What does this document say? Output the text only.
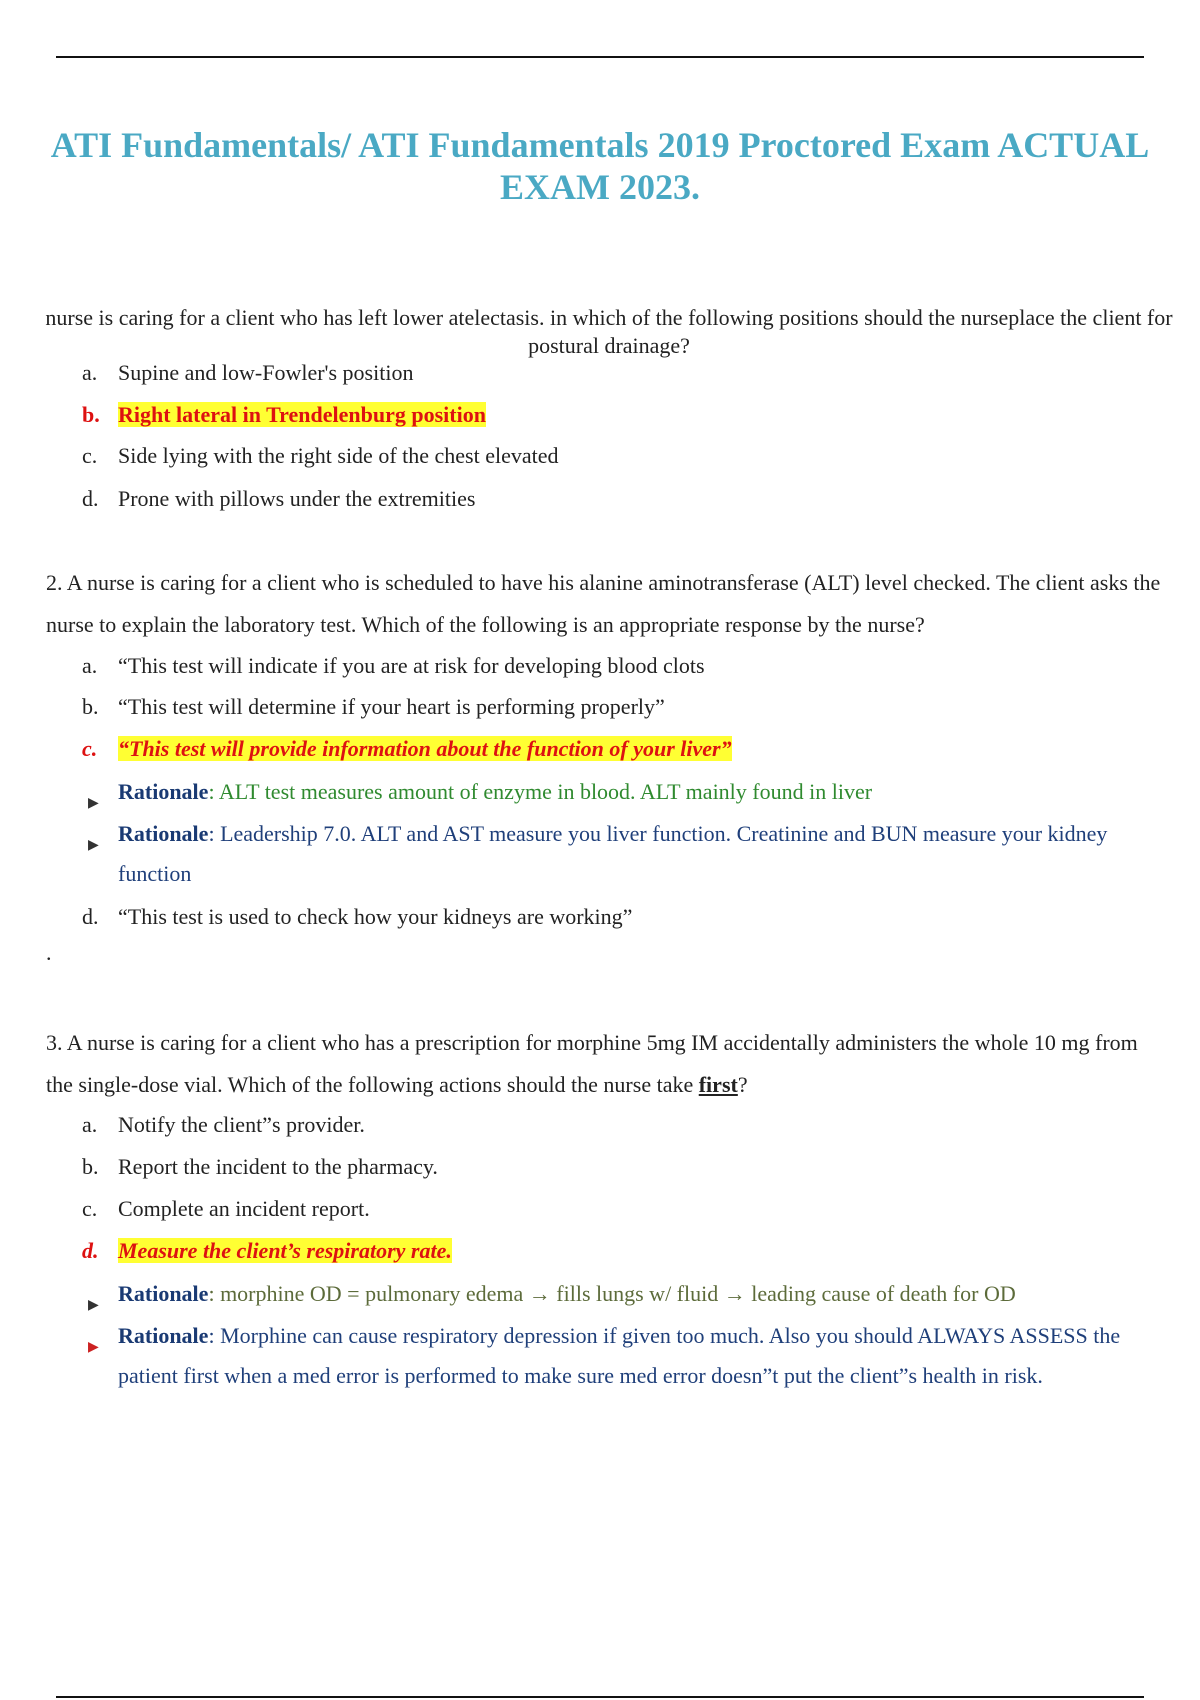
ATI Fundamentals/ ATI Fundamentals 2019 Proctored Exam ACTUAL EXAM 2023.
nurse is caring for a client who has left lower atelectasis. in which of the following positions should the nurseplace the client for postural drainage?
a. Supine and low-Fowler's position
b. Right lateral in Trendelenburg position
c. Side lying with the right side of the chest elevated
d. Prone with pillows under the extremities
2. A nurse is caring for a client who is scheduled to have his alanine aminotransferase (ALT) level checked. The client asks the nurse to explain the laboratory test. Which of the following is an appropriate response by the nurse?
a. “This test will indicate if you are at risk for developing blood clots
b. “This test will determine if your heart is performing properly”
c. “This test will provide information about the function of your liver”
▶ Rationale: ALT test measures amount of enzyme in blood. ALT mainly found in liver
▶ Rationale: Leadership 7.0. ALT and AST measure you liver function. Creatinine and BUN measure your kidney function
d. “This test is used to check how your kidneys are working”
.
3. A nurse is caring for a client who has a prescription for morphine 5mg IM accidentally administers the whole 10 mg from the single-dose vial. Which of the following actions should the nurse take first?
a. Notify the client”s provider.
b. Report the incident to the pharmacy.
c. Complete an incident report.
d. Measure the client’s respiratory rate.
▶ Rationale: morphine OD = pulmonary edema → fills lungs w/ fluid → leading cause of death for OD
▶ Rationale: Morphine can cause respiratory depression if given too much. Also you should ALWAYS ASSESS the patient first when a med error is performed to make sure med error doesn”t put the client”s health in risk.
